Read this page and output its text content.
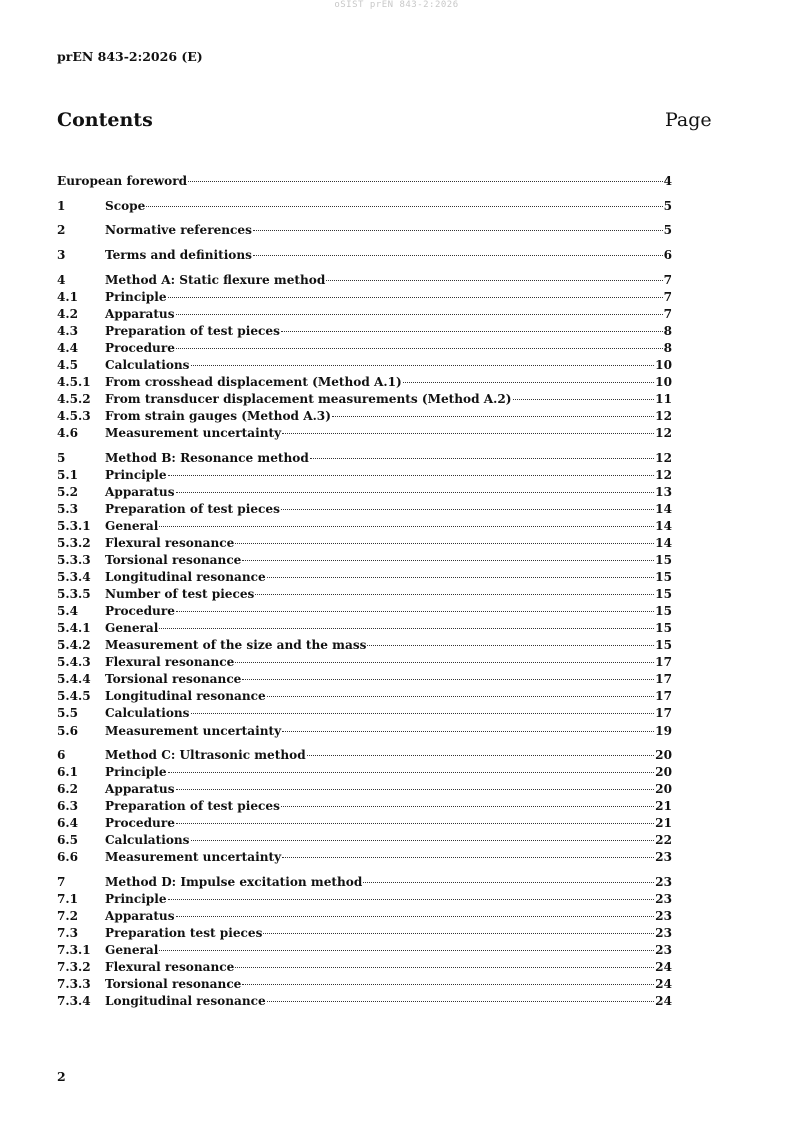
oSIST prEN 843-2:2026
prEN 843-2:2026 (E)
Contents	Page
European foreword	4
1	Scope	5
2	Normative references	5
3	Terms and definitions	6
4	Method A: Static flexure method	7
4.1	Principle	7
4.2	Apparatus	7
4.3	Preparation of test pieces	8
4.4	Procedure	8
4.5	Calculations	10
4.5.1	From crosshead displacement (Method A.1)	10
4.5.2	From transducer displacement measurements (Method A.2)	11
4.5.3	From strain gauges (Method A.3)	12
4.6	Measurement uncertainty	12
5	Method B: Resonance method	12
5.1	Principle	12
5.2	Apparatus	13
5.3	Preparation of test pieces	14
5.3.1	General	14
5.3.2	Flexural resonance	14
5.3.3	Torsional resonance	15
5.3.4	Longitudinal resonance	15
5.3.5	Number of test pieces	15
5.4	Procedure	15
5.4.1	General	15
5.4.2	Measurement of the size and the mass	15
5.4.3	Flexural resonance	17
5.4.4	Torsional resonance	17
5.4.5	Longitudinal resonance	17
5.5	Calculations	17
5.6	Measurement uncertainty	19
6	Method C: Ultrasonic method	20
6.1	Principle	20
6.2	Apparatus	20
6.3	Preparation of test pieces	21
6.4	Procedure	21
6.5	Calculations	22
6.6	Measurement uncertainty	23
7	Method D: Impulse excitation method	23
7.1	Principle	23
7.2	Apparatus	23
7.3	Preparation test pieces	23
7.3.1	General	23
7.3.2	Flexural resonance	24
7.3.3	Torsional resonance	24
7.3.4	Longitudinal resonance	24
2
